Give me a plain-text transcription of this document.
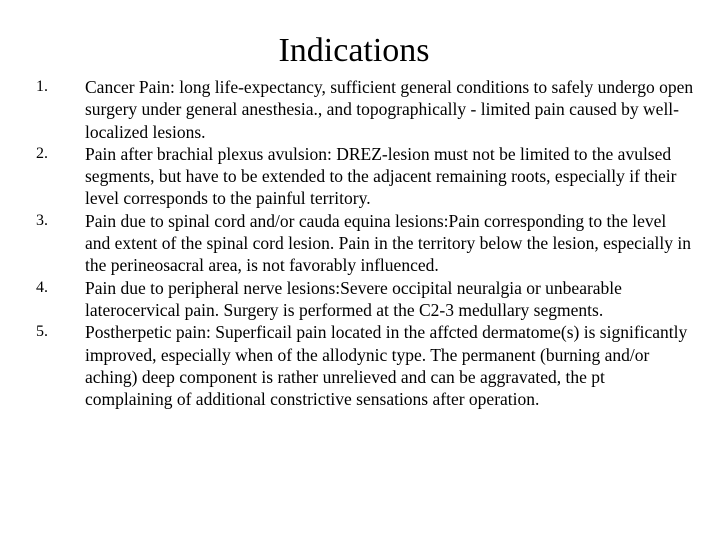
Indications
1. Cancer Pain: long life-expectancy, sufficient general conditions to safely undergo open surgery under general anesthesia., and topographically - limited pain caused by well-localized lesions.
2. Pain after brachial plexus avulsion: DREZ-lesion must not be limited to the avulsed segments, but have to be extended to the adjacent remaining roots, especially if their level corresponds to the painful territory.
3. Pain due to spinal cord and/or cauda equina lesions:Pain corresponding to the level and extent of the spinal cord lesion. Pain in the territory below the lesion, especially in the perineosacral area, is not favorably influenced.
4. Pain due to peripheral nerve lesions:Severe occipital neuralgia or unbearable laterocervical pain. Surgery is performed at the C2-3 medullary segments.
5. Postherpetic pain: Superficail pain located in the affcted dermatome(s) is significantly improved, especially when of the allodynic type. The permanent (burning and/or aching) deep component is rather unrelieved and can be aggravated, the pt complaining of additional constrictive sensations after operation.
